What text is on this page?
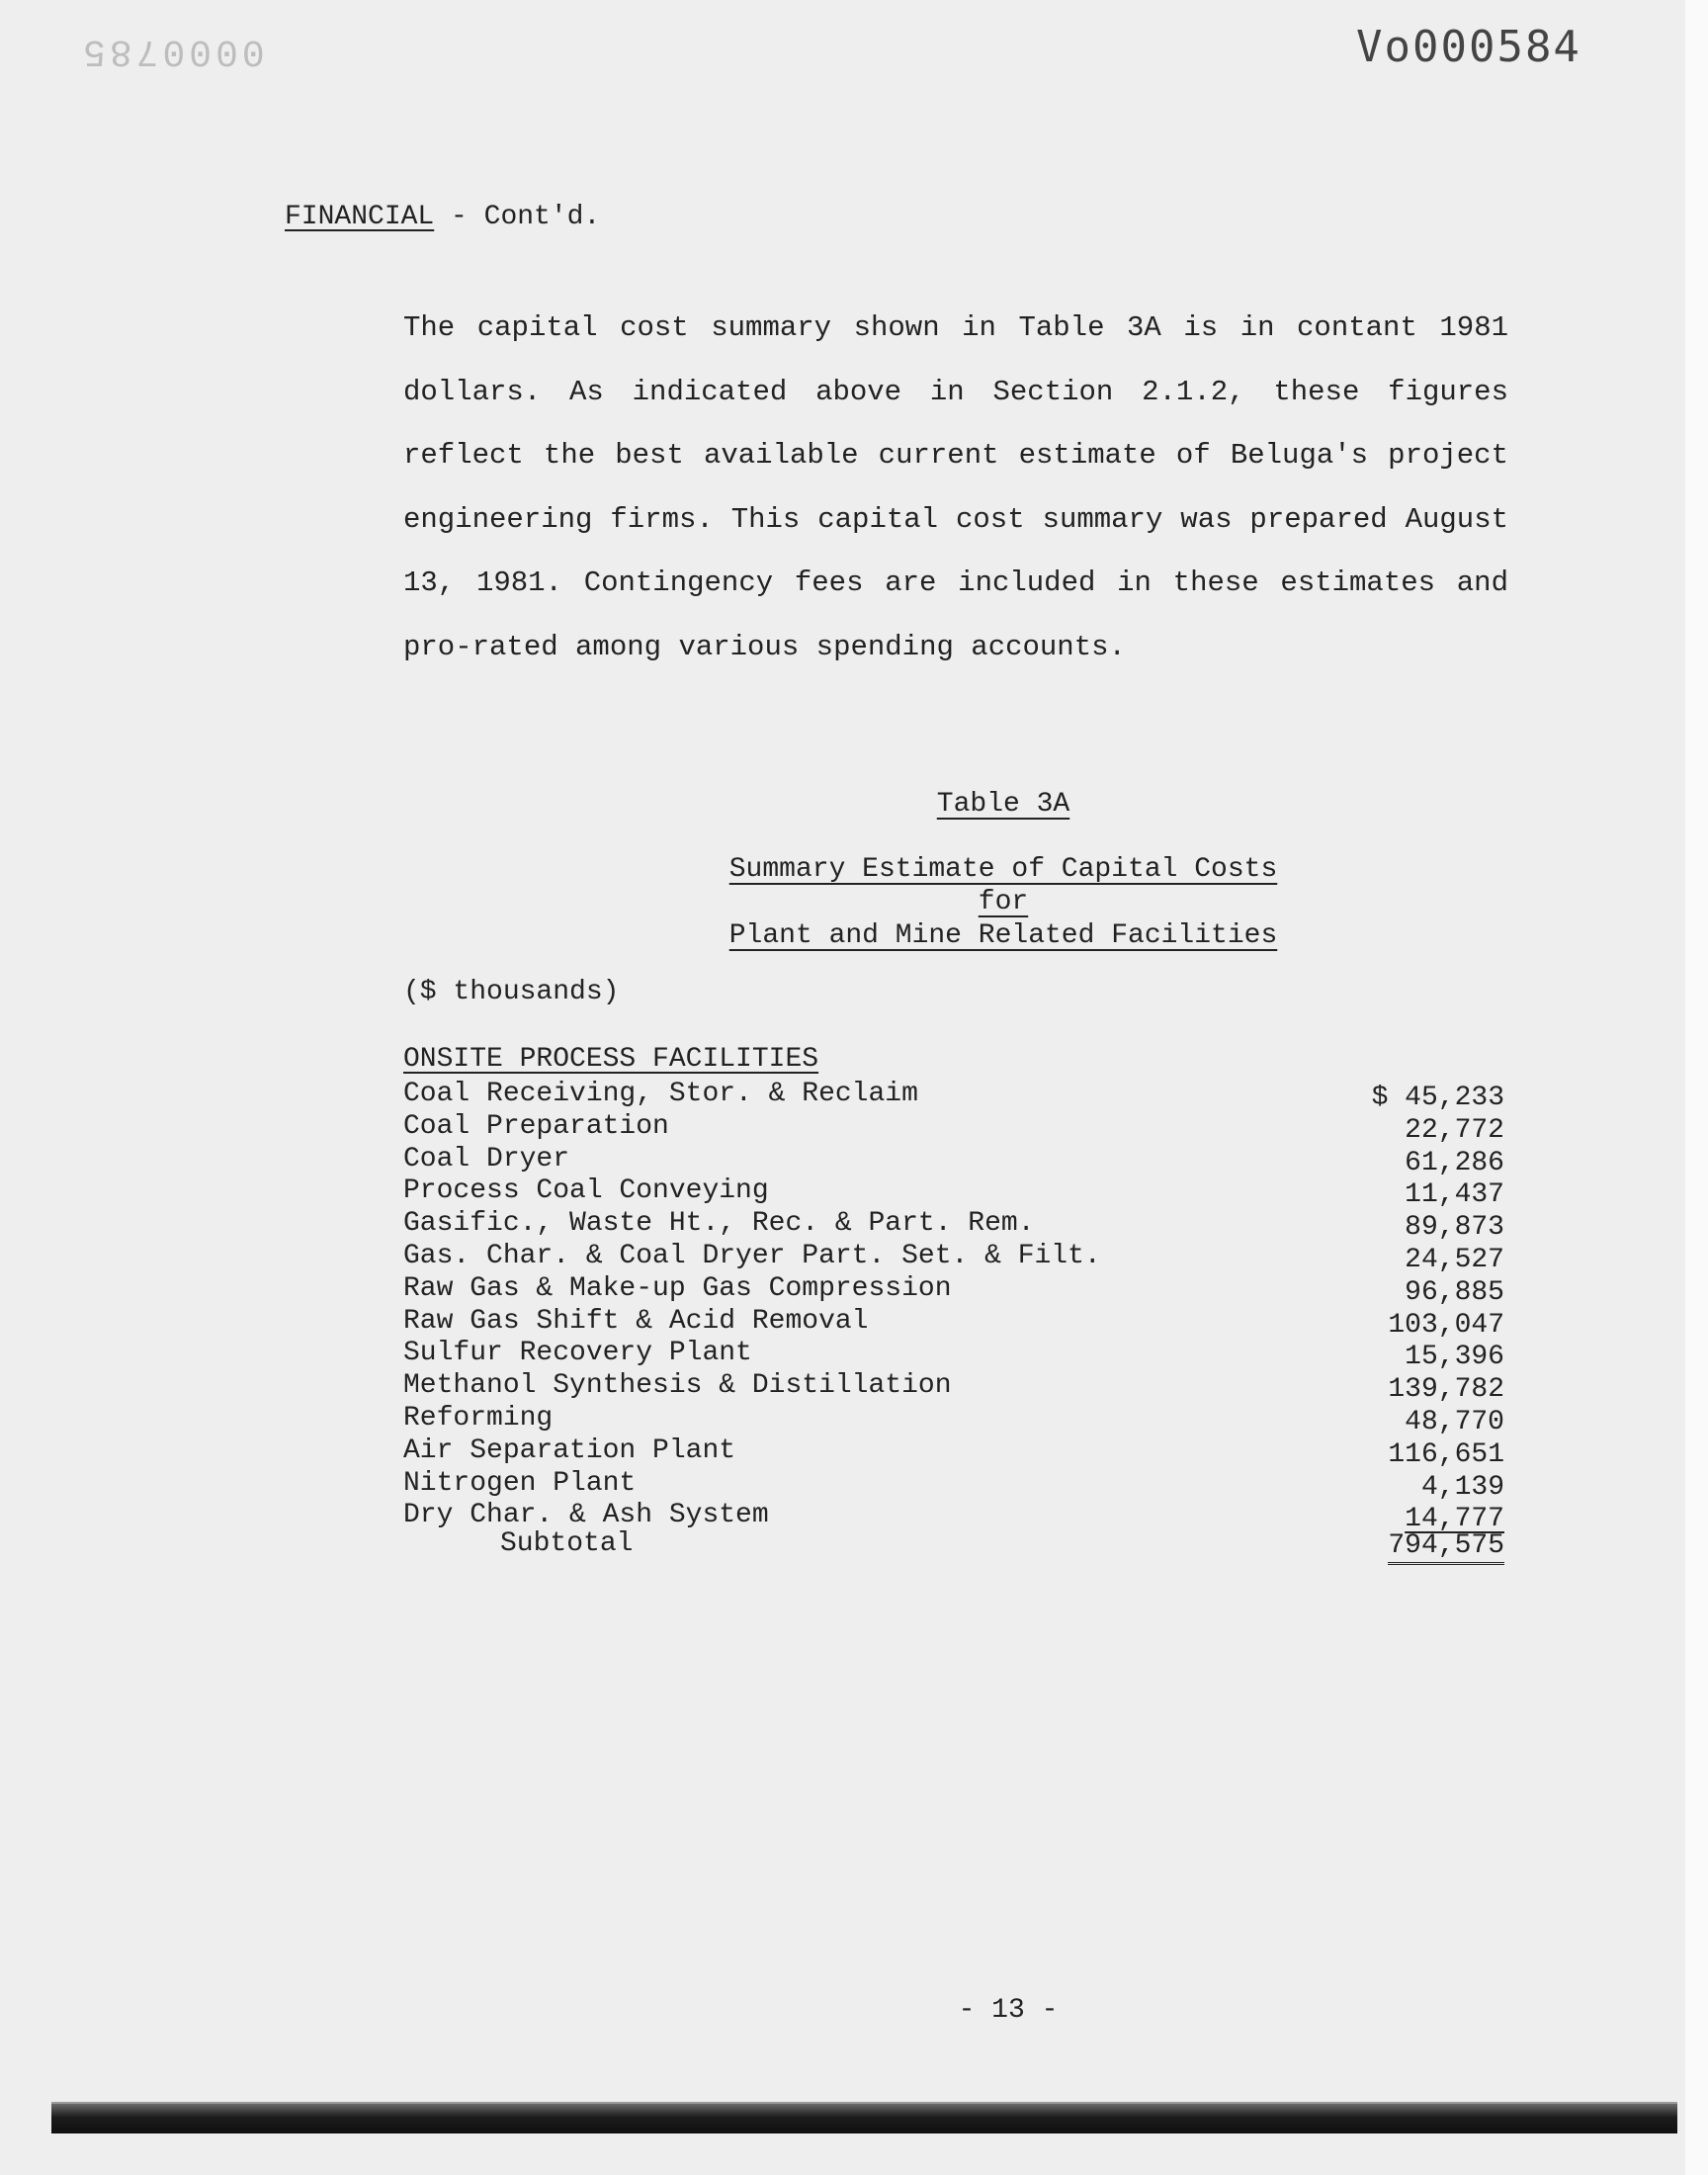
0000785	Vo000584
FINANCIAL - Cont'd.

The capital cost summary shown in Table 3A is in contant 1981 dollars. As indicated above in Section 2.1.2, these figures reflect the best available current estimate of Beluga's project engineering firms. This capital cost summary was prepared August 13, 1981. Contingency fees are included in these estimates and pro-rated among various spending accounts.

Table 3A
Summary Estimate of Capital Costs
for
Plant and Mine Related Facilities
($ thousands)
ONSITE PROCESS FACILITIES
Coal Receiving, Stor. & Reclaim	$ 45,233
Coal Preparation	22,772
Coal Dryer	61,286
Process Coal Conveying	11,437
Gasific., Waste Ht., Rec. & Part. Rem.	89,873
Gas. Char. & Coal Dryer Part. Set. & Filt.	24,527
Raw Gas & Make-up Gas Compression	96,885
Raw Gas Shift & Acid Removal	103,047
Sulfur Recovery Plant	15,396
Methanol Synthesis & Distillation	139,782
Reforming	48,770
Air Separation Plant	116,651
Nitrogen Plant	4,139
Dry Char. & Ash System	14,777
Subtotal	794,575
- 13 -
